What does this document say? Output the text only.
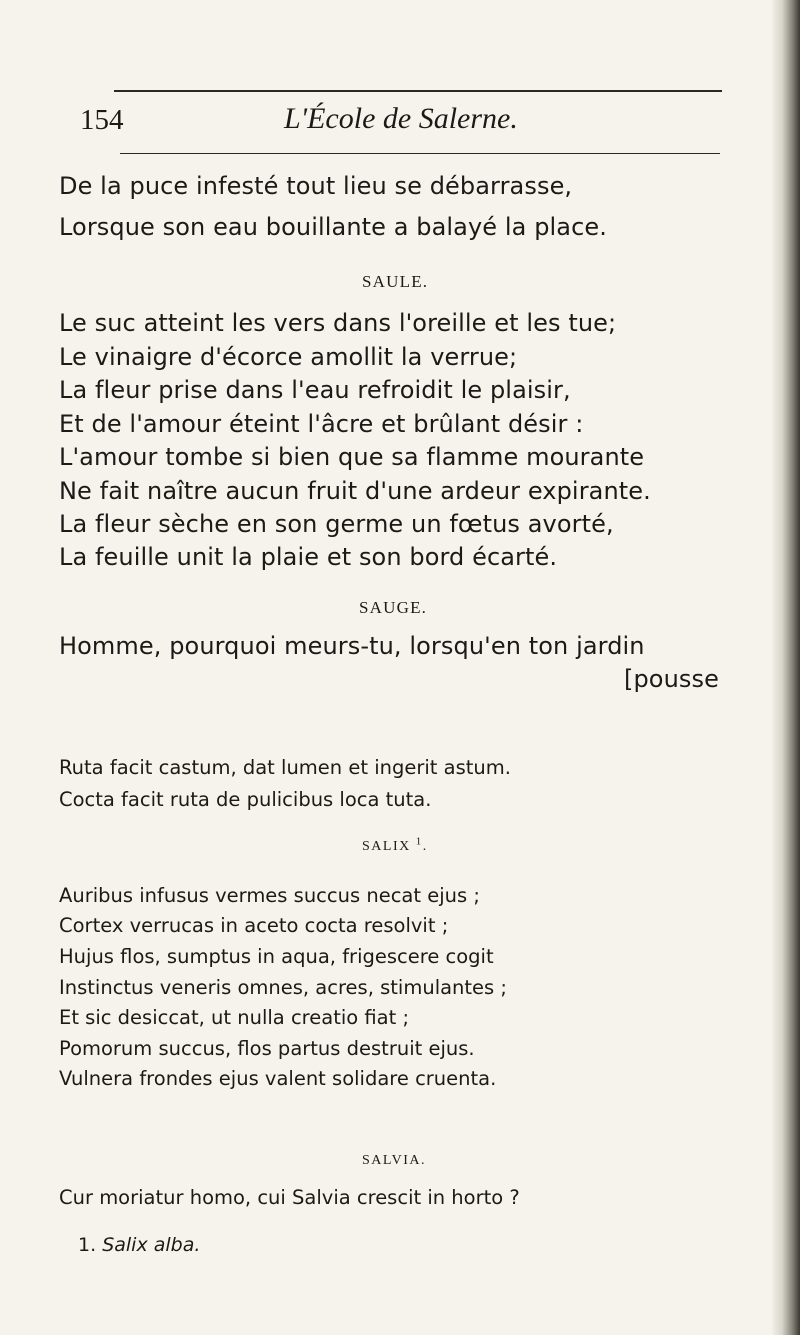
154	L'École de Salerne.
De la puce infesté tout lieu se débarrasse,
Lorsque son eau bouillante a balayé la place.
SAULE.
Le suc atteint les vers dans l'oreille et les tue;
Le vinaigre d'écorce amollit la verrue;
La fleur prise dans l'eau refroidit le plaisir,
Et de l'amour éteint l'âcre et brûlant désir :
L'amour tombe si bien que sa flamme mourante
Ne fait naître aucun fruit d'une ardeur expirante.
La fleur sèche en son germe un fœtus avorté,
La feuille unit la plaie et son bord écarté.
SAUGE.
Homme, pourquoi meurs-tu, lorsqu'en ton jardin
[pousse
Ruta facit castum, dat lumen et ingerit astum.
Cocta facit ruta de pulicibus loca tuta.
SALIX $^1$.
Auribus infusus vermes succus necat ejus ;
Cortex verrucas in aceto cocta resolvit ;
Hujus flos, sumptus in aqua, frigescere cogit
Instinctus veneris omnes, acres, stimulantes ;
Et sic desiccat, ut nulla creatio fiat ;
Pomorum succus, flos partus destruit ejus.
Vulnera frondes ejus valent solidare cruenta.
SALVIA.
Cur moriatur homo, cui Salvia crescit in horto ?
1. Salix alba.
